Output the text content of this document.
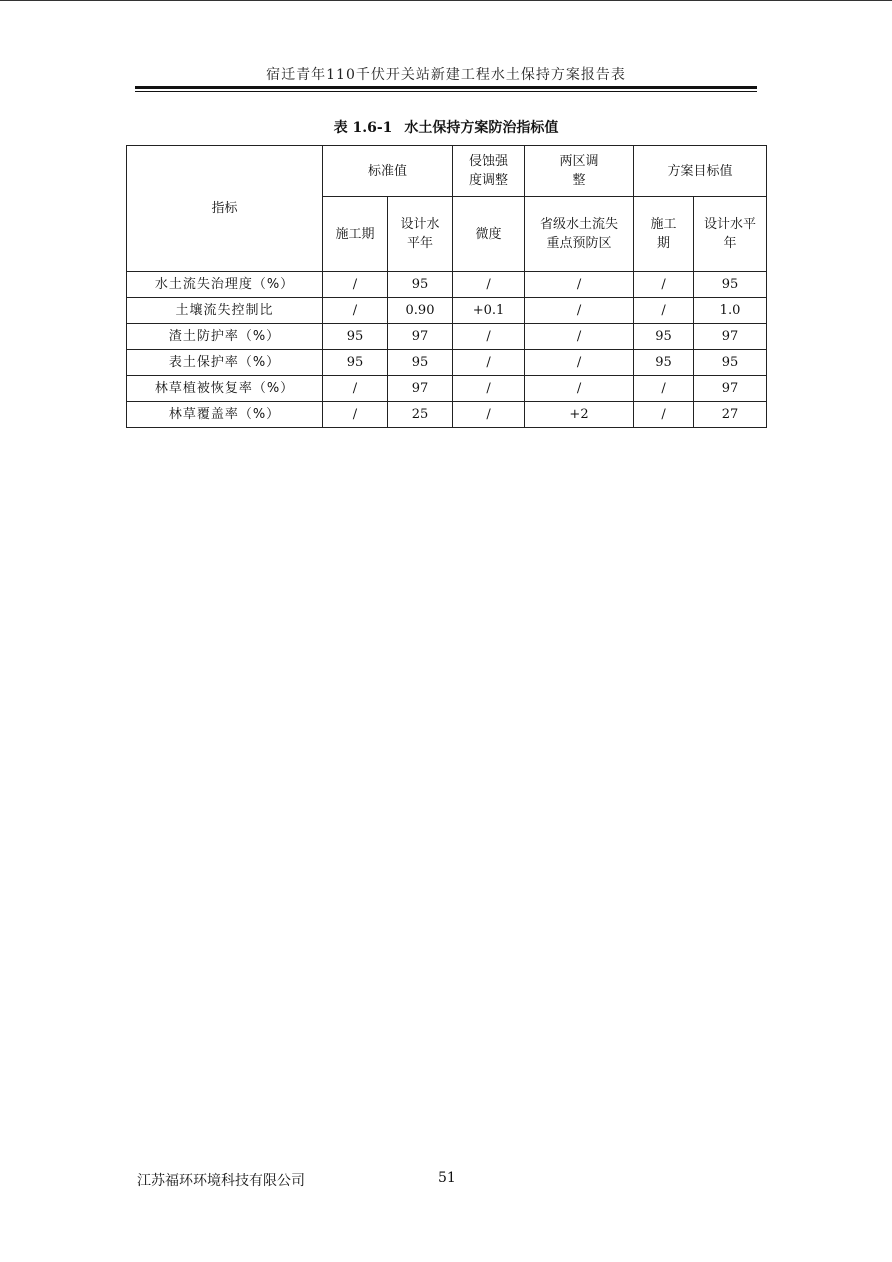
宿迁青年110千伏开关站新建工程水土保持方案报告表
表 1.6-1 水土保持方案防治指标值
指标	标准值		侵蚀强度调整	两区调整	方案目标值	
	施工期	设计水平年	微度	省级水土流失重点预防区	施工期	设计水平年

水土流失治理度（%）	/	95	/	/	/	95
土壤流失控制比	/	0.90	+0.1	/	/	1.0
渣土防护率（%）	95	97	/	/	95	97
表土保护率（%）	95	95	/	/	95	95
林草植被恢复率（%）	/	97	/	/	/	97
林草覆盖率（%）	/	25	/	+2	/	27
江苏福环环境科技有限公司	51
